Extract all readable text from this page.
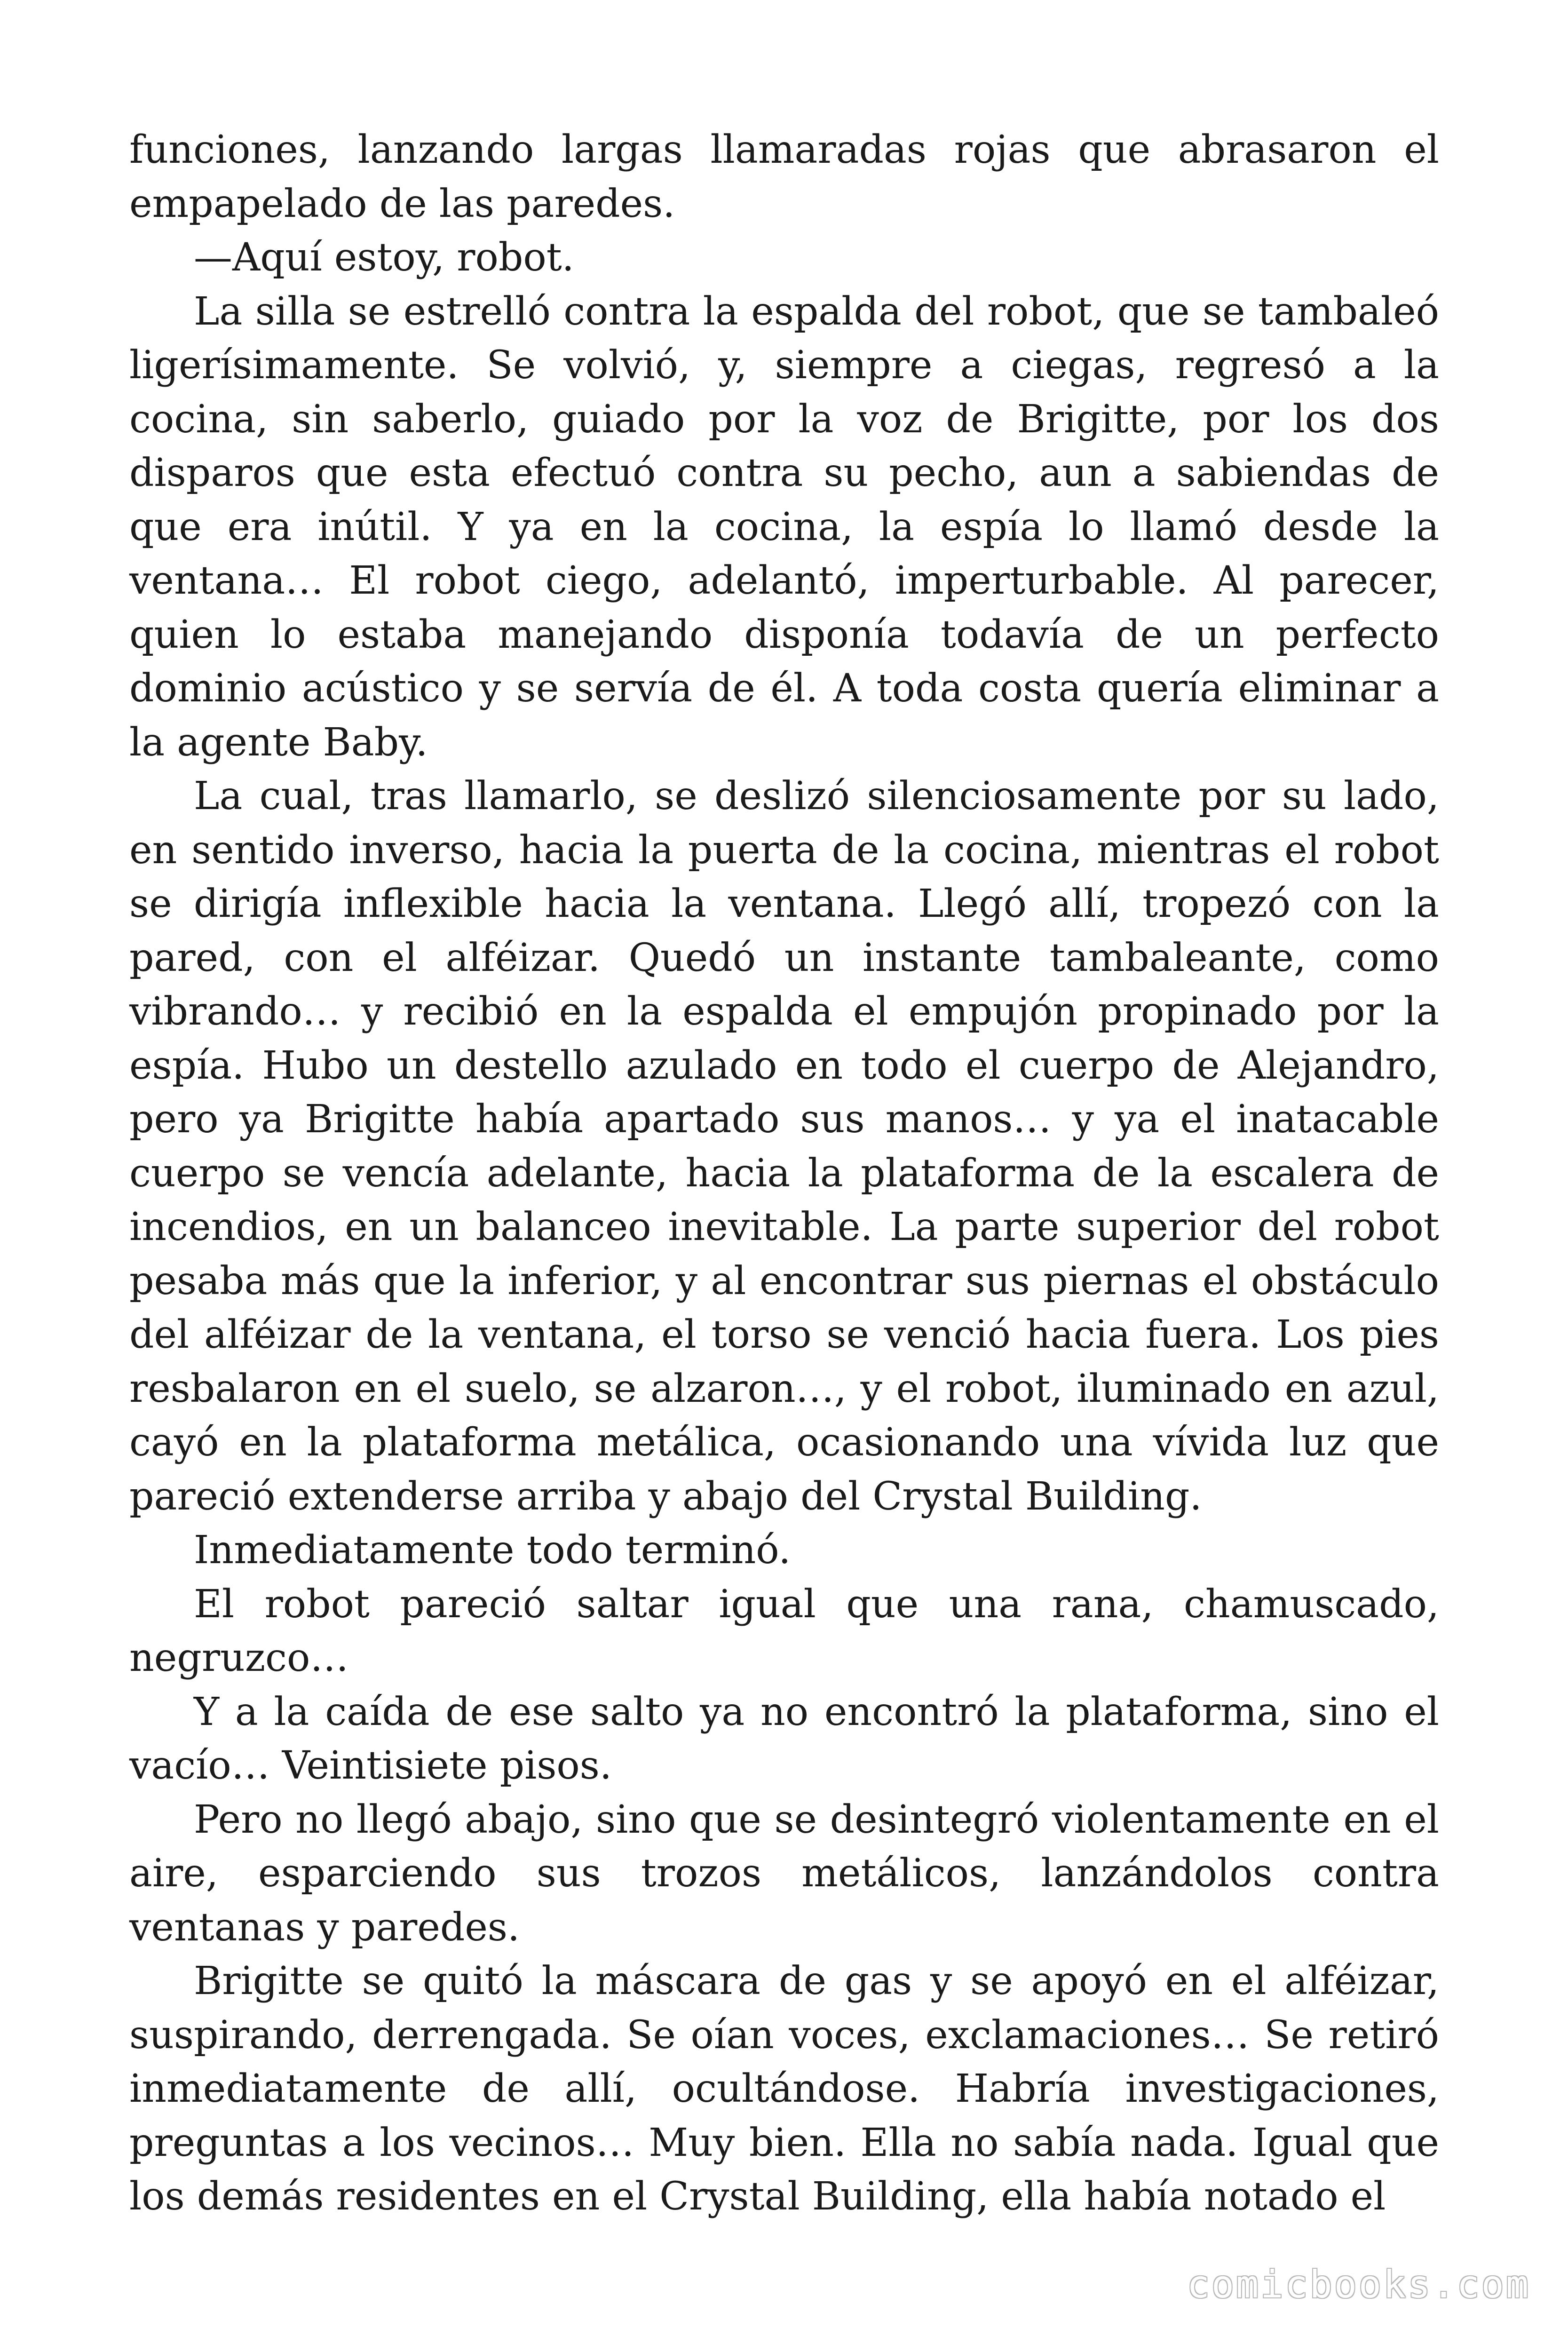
funciones, lanzando largas llamaradas rojas que abrasaron el empapelado de las paredes.

—Aquí estoy, robot.

La silla se estrelló contra la espalda del robot, que se tambaleó ligerísimamente. Se volvió, y, siempre a ciegas, regresó a la cocina, sin saberlo, guiado por la voz de Brigitte, por los dos disparos que esta efectuó contra su pecho, aun a sabiendas de que era inútil. Y ya en la cocina, la espía lo llamó desde la ventana… El robot ciego, adelantó, imperturbable. Al parecer, quien lo estaba manejando disponía todavía de un perfecto dominio acústico y se servía de él. A toda costa quería eliminar a la agente Baby.

La cual, tras llamarlo, se deslizó silenciosamente por su lado, en sentido inverso, hacia la puerta de la cocina, mientras el robot se dirigía inflexible hacia la ventana. Llegó allí, tropezó con la pared, con el alféizar. Quedó un instante tambaleante, como vibrando… y recibió en la espalda el empujón propinado por la espía. Hubo un destello azulado en todo el cuerpo de Alejandro, pero ya Brigitte había apartado sus manos… y ya el inatacable cuerpo se vencía adelante, hacia la plataforma de la escalera de incendios, en un balanceo inevitable. La parte superior del robot pesaba más que la inferior, y al encontrar sus piernas el obstáculo del alféizar de la ventana, el torso se venció hacia fuera. Los pies resbalaron en el suelo, se alzaron…, y el robot, iluminado en azul, cayó en la plataforma metálica, ocasionando una vívida luz que pareció extenderse arriba y abajo del Crystal Building.

Inmediatamente todo terminó.

El robot pareció saltar igual que una rana, chamuscado, negruzco…

Y a la caída de ese salto ya no encontró la plataforma, sino el vacío… Veintisiete pisos.

Pero no llegó abajo, sino que se desintegró violentamente en el aire, esparciendo sus trozos metálicos, lanzándolos contra ventanas y paredes.

Brigitte se quitó la máscara de gas y se apoyó en el alféizar, suspirando, derrengada. Se oían voces, exclamaciones… Se retiró inmediatamente de allí, ocultándose. Habría investigaciones, preguntas a los vecinos… Muy bien. Ella no sabía nada. Igual que los demás residentes en el Crystal Building, ella había notado el

comicbooks.com
